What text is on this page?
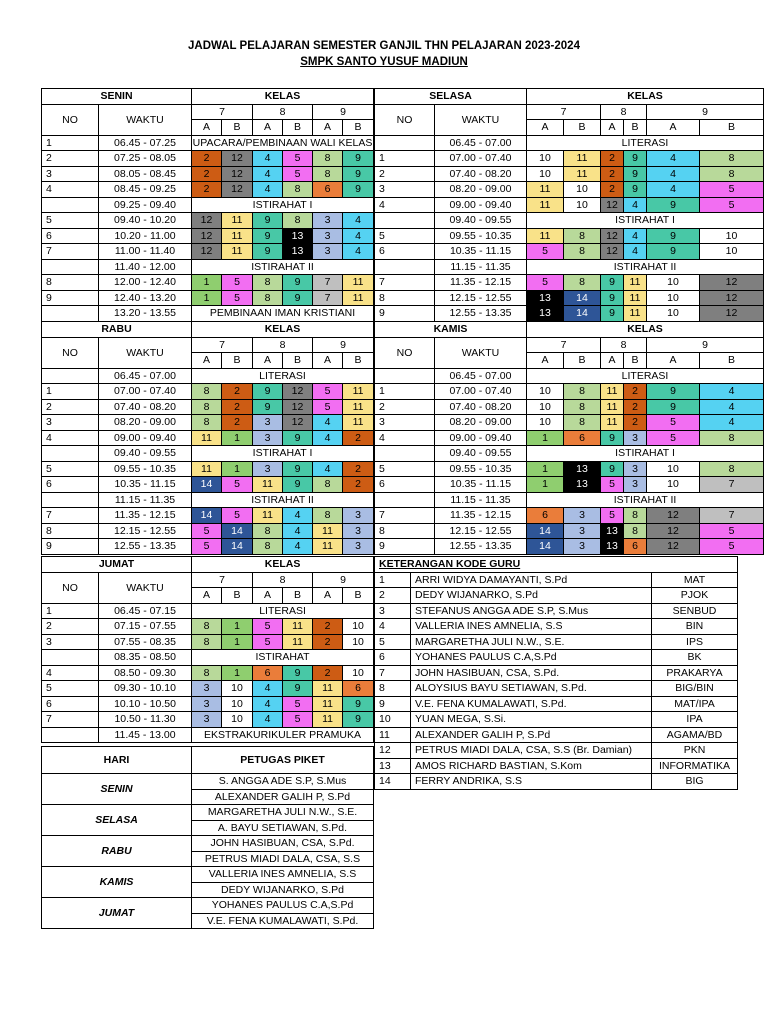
JADWAL PELAJARAN SEMESTER GANJIL THN PELAJARAN 2023-2024
SMPK SANTO YUSUF MADIUN
SENIN		KELAS					
NO	WAKTU	7		8		9	
		A	B	A	B	A	B
1	06.45 - 07.25	UPACARA/PEMBINAAN WALI KELAS					
2	07.25 - 08.05	2	12	4	5	8	9
3	08.05 - 08.45	2	12	4	5	8	9
4	08.45 - 09.25	2	12	4	8	6	9
	09.25 - 09.40	ISTIRAHAT I					
5	09.40 - 10.20	12	11	9	8	3	4
6	10.20 - 11.00	12	11	9	13	3	4
7	11.00 - 11.40	12	11	9	13	3	4
	11.40 - 12.00	ISTIRAHAT II					
8	12.00 - 12.40	1	5	8	9	7	11
9	12.40 - 13.20	1	5	8	9	7	11
	13.20 - 13.55	PEMBINAAN IMAN KRISTIANI					
SELASA		KELAS					
NO	WAKTU	7		8		9	
		A	B	A	B	A	B
	06.45 - 07.00	LITERASI					
1	07.00 - 07.40	10	11	2	9	4	8
2	07.40 - 08.20	10	11	2	9	4	8
3	08.20 - 09.00	11	10	2	9	4	5
4	09.00 - 09.40	11	10	12	4	9	5
	09.40 - 09.55	ISTIRAHAT I					
5	09.55 - 10.35	11	8	12	4	9	10
6	10.35 - 11.15	5	8	12	4	9	10
	11.15 - 11.35	ISTIRAHAT II					
7	11.35 - 12.15	5	8	9	11	10	12
8	12.15 - 12.55	13	14	9	11	10	12
9	12.55 - 13.35	13	14	9	11	10	12
RABU		KELAS					
NO	WAKTU	7		8		9	
		A	B	A	B	A	B
	06.45 - 07.00	LITERASI					
1	07.00 - 07.40	8	2	9	12	5	11
2	07.40 - 08.20	8	2	9	12	5	11
3	08.20 - 09.00	8	2	3	12	4	11
4	09.00 - 09.40	11	1	3	9	4	2
	09.40 - 09.55	ISTIRAHAT I					
5	09.55 - 10.35	11	1	3	9	4	2
6	10.35 - 11.15	14	5	11	9	8	2
	11.15 - 11.35	ISTIRAHAT II					
7	11.35 - 12.15	14	5	11	4	8	3
8	12.15 - 12.55	5	14	8	4	11	3
9	12.55 - 13.35	5	14	8	4	11	3
KAMIS		KELAS					
NO	WAKTU	7		8		9	
		A	B	A	B	A	B
	06.45 - 07.00	LITERASI					
1	07.00 - 07.40	10	8	11	2	9	4
2	07.40 - 08.20	10	8	11	2	9	4
3	08.20 - 09.00	10	8	11	2	5	4
4	09.00 - 09.40	1	6	9	3	5	8
	09.40 - 09.55	ISTIRAHAT I					
5	09.55 - 10.35	1	13	9	3	10	8
6	10.35 - 11.15	1	13	5	3	10	7
	11.15 - 11.35	ISTIRAHAT II					
7	11.35 - 12.15	6	3	5	8	12	7
8	12.15 - 12.55	14	3	13	8	12	5
9	12.55 - 13.35	14	3	13	6	12	5
JUMAT		KELAS					
NO	WAKTU	7		8		9	
		A	B	A	B	A	B
1	06.45 - 07.15	LITERASI					
2	07.15 - 07.55	8	1	5	11	2	10
3	07.55 - 08.35	8	1	5	11	2	10
	08.35 - 08.50	ISTIRAHAT					
4	08.50 - 09.30	8	1	6	9	2	10
5	09.30 - 10.10	3	10	4	9	11	6
6	10.10 - 10.50	3	10	4	5	11	9
7	10.50 - 11.30	3	10	4	5	11	9
	11.45 - 13.00	EKSTRAKURIKULER PRAMUKA					
KETERANGAN KODE GURU		
1	ARRI WIDYA DAMAYANTI, S.Pd	MAT
2	DEDY WIJANARKO, S.Pd	PJOK
3	STEFANUS ANGGA ADE S.P, S.Mus	SENBUD
4	VALLERIA INES AMNELIA, S.S	BIN
5	MARGARETHA JULI N.W., S.E.	IPS
6	YOHANES PAULUS C.A,S.Pd	BK
7	JOHN HASIBUAN, CSA, S.Pd.	PRAKARYA
8	ALOYSIUS BAYU SETIAWAN, S.Pd.	BIG/BIN
9	V.E. FENA KUMALAWATI, S.Pd.	MAT/IPA
10	YUAN MEGA, S.Si.	IPA
11	ALEXANDER GALIH P, S.Pd	AGAMA/BD
12	PETRUS MIADI DALA, CSA, S.S (Br. Damian)	PKN
13	AMOS RICHARD BASTIAN, S.Kom	INFORMATIKA
14	FERRY ANDRIKA, S.S	BIG
HARI	PETUGAS PIKET
SENIN	S. ANGGA ADE S.P, S.Mus
	ALEXANDER GALIH P, S.Pd
SELASA	MARGARETHA JULI N.W., S.E.
	A. BAYU SETIAWAN, S.Pd.
RABU	JOHN HASIBUAN, CSA, S.Pd.
	PETRUS MIADI DALA, CSA, S.S
KAMIS	VALLERIA INES AMNELIA, S.S
	DEDY WIJANARKO, S.Pd
JUMAT	YOHANES PAULUS C.A,S.Pd
	V.E. FENA KUMALAWATI, S.Pd.
